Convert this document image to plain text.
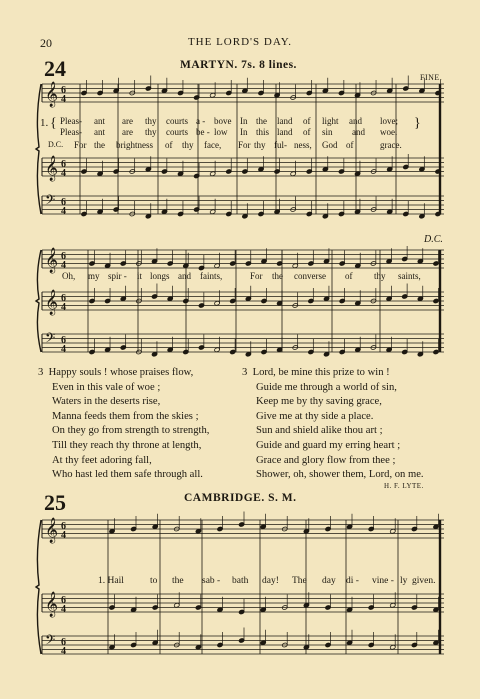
20	THE LORD'S DAY.
24	MARTYN. 7s. 8 lines.
FINE.
𝄞 6
4
𝄞 6
4
𝄢 6
4
1. { Pleas- ant are thy courts a - bove In the land of light and love;
Pleas- ant are thy courts be - low In this land of sin and woe.
}
D.C. For the brightness of thy face, For thy ful- ness, God of	grace.
D.C.
𝄞 6
4
𝄞 6
4
𝄢 6
4
Oh, my spir - it longs and faints,	For the converse of thy saints,
3 Happy souls ! whose praises flow,
Even in this vale of woe ;
Waters in the deserts rise,
Manna feeds them from the skies ;
On they go from strength to strength,
Till they reach thy throne at length,
At thy feet adoring fall,
Who hast led them safe through all.
3 Lord, be mine this prize to win !
Guide me through a world of sin,
Keep me by thy saving grace,
Give me at thy side a place.
Sun and shield alike thou art ;
Guide and guard my erring heart ;
Grace and glory flow from thee ;
Shower, oh, shower them, Lord, on me.
H. F. LYTE.
25	CAMBRIDGE. S. M.
𝄞 6
4
𝄞 6
4
𝄢 6
4
1. Hail	to the sab - bath day! The day di - vine - ly given.
